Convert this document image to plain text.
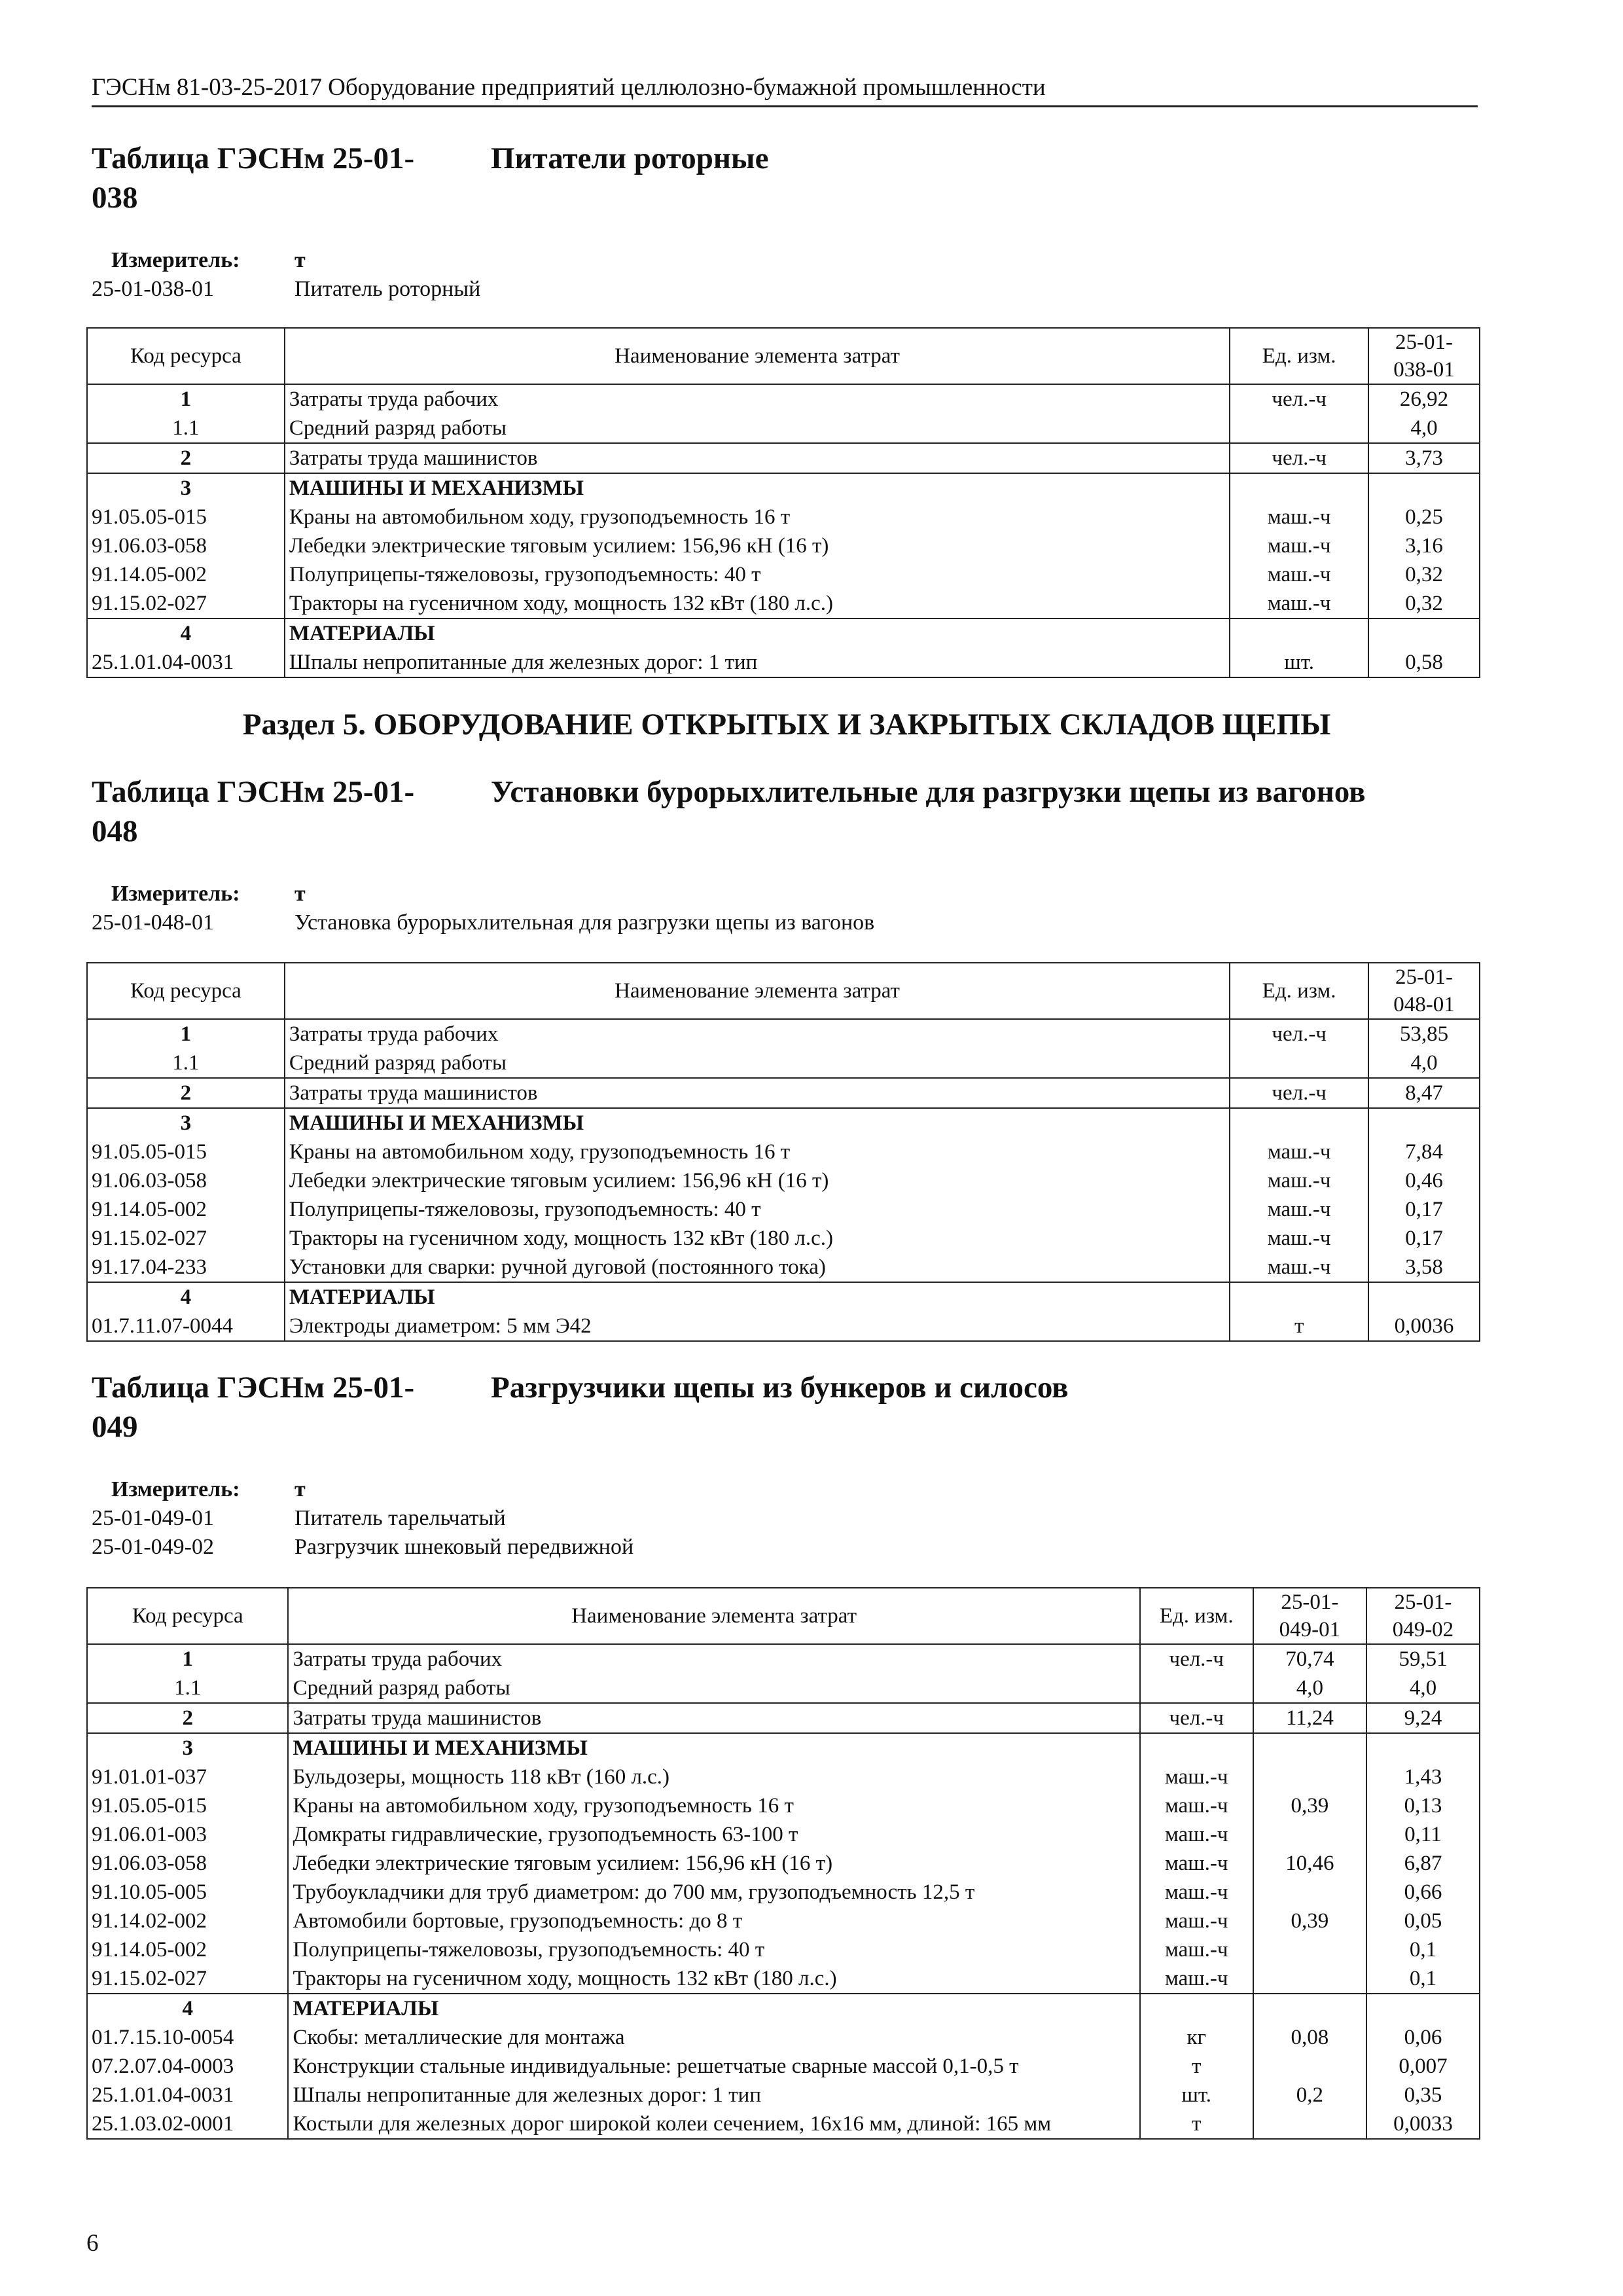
ГЭСНм 81-03-25-2017 Оборудование предприятий целлюлозно-бумажной промышленности
Таблица ГЭСНм 25-01-
038
Питатели роторные
Измеритель:	т
25-01-038-01	Питатель роторный
Код ресурса	Наименование элемента затрат	Ед. изм.	25-01-
038-01
1	Затраты труда рабочих	чел.-ч	26,92
1.1	Средний разряд работы		4,0
2	Затраты труда машинистов	чел.-ч	3,73
3	МАШИНЫ И МЕХАНИЗМЫ		
91.05.05-015	Краны на автомобильном ходу, грузоподъемность 16 т	маш.-ч	0,25
91.06.03-058	Лебедки электрические тяговым усилием: 156,96 кН (16 т)	маш.-ч	3,16
91.14.05-002	Полуприцепы-тяжеловозы, грузоподъемность: 40 т	маш.-ч	0,32
91.15.02-027	Тракторы на гусеничном ходу, мощность 132 кВт (180 л.с.)	маш.-ч	0,32
4	МАТЕРИАЛЫ		
25.1.01.04-0031	Шпалы непропитанные для железных дорог: 1 тип	шт.	0,58
Раздел 5. ОБОРУДОВАНИЕ ОТКРЫТЫХ И ЗАКРЫТЫХ СКЛАДОВ ЩЕПЫ
Таблица ГЭСНм 25-01-
048
Установки бурорыхлительные для разгрузки щепы из вагонов
Измеритель:	т
25-01-048-01	Установка бурорыхлительная для разгрузки щепы из вагонов
Код ресурса	Наименование элемента затрат	Ед. изм.	25-01-
048-01
1	Затраты труда рабочих	чел.-ч	53,85
1.1	Средний разряд работы		4,0
2	Затраты труда машинистов	чел.-ч	8,47
3	МАШИНЫ И МЕХАНИЗМЫ		
91.05.05-015	Краны на автомобильном ходу, грузоподъемность 16 т	маш.-ч	7,84
91.06.03-058	Лебедки электрические тяговым усилием: 156,96 кН (16 т)	маш.-ч	0,46
91.14.05-002	Полуприцепы-тяжеловозы, грузоподъемность: 40 т	маш.-ч	0,17
91.15.02-027	Тракторы на гусеничном ходу, мощность 132 кВт (180 л.с.)	маш.-ч	0,17
91.17.04-233	Установки для сварки: ручной дуговой (постоянного тока)	маш.-ч	3,58
4	МАТЕРИАЛЫ		
01.7.11.07-0044	Электроды диаметром: 5 мм Э42	т	0,0036
Таблица ГЭСНм 25-01-
049
Разгрузчики щепы из бункеров и силосов
Измеритель:	т
25-01-049-01	Питатель тарельчатый
25-01-049-02	Разгрузчик шнековый передвижной
Код ресурса	Наименование элемента затрат	Ед. изм.	25-01-
049-01	25-01-
049-02
1	Затраты труда рабочих	чел.-ч	70,74	59,51
1.1	Средний разряд работы		4,0	4,0
2	Затраты труда машинистов	чел.-ч	11,24	9,24
3	МАШИНЫ И МЕХАНИЗМЫ			
91.01.01-037	Бульдозеры, мощность 118 кВт (160 л.с.)	маш.-ч		1,43
91.05.05-015	Краны на автомобильном ходу, грузоподъемность 16 т	маш.-ч	0,39	0,13
91.06.01-003	Домкраты гидравлические, грузоподъемность 63-100 т	маш.-ч		0,11
91.06.03-058	Лебедки электрические тяговым усилием: 156,96 кН (16 т)	маш.-ч	10,46	6,87
91.10.05-005	Трубоукладчики для труб диаметром: до 700 мм, грузоподъемность 12,5 т	маш.-ч		0,66
91.14.02-002	Автомобили бортовые, грузоподъемность: до 8 т	маш.-ч	0,39	0,05
91.14.05-002	Полуприцепы-тяжеловозы, грузоподъемность: 40 т	маш.-ч		0,1
91.15.02-027	Тракторы на гусеничном ходу, мощность 132 кВт (180 л.с.)	маш.-ч		0,1
4	МАТЕРИАЛЫ			
01.7.15.10-0054	Скобы: металлические для монтажа	кг	0,08	0,06
07.2.07.04-0003	Конструкции стальные индивидуальные: решетчатые сварные массой 0,1-0,5 т	т		0,007
25.1.01.04-0031	Шпалы непропитанные для железных дорог: 1 тип	шт.	0,2	0,35
25.1.03.02-0001	Костыли для железных дорог широкой колеи сечением, 16х16 мм, длиной: 165 мм	т		0,0033
6
